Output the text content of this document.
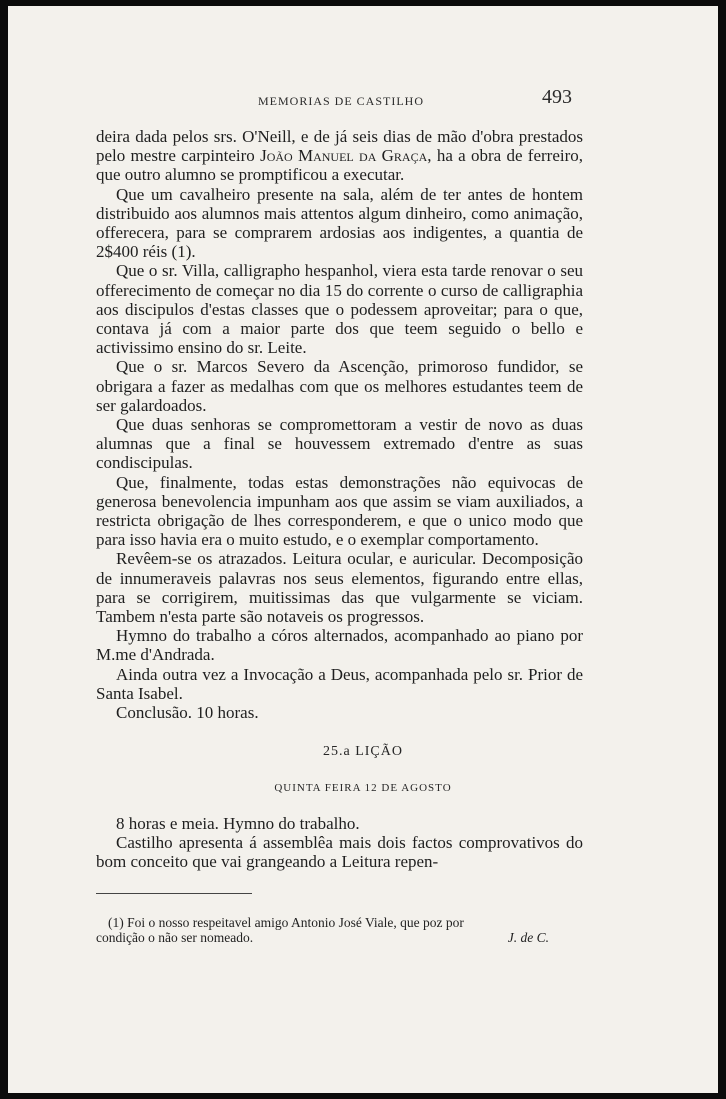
MEMORIAS DE CASTILHO	493

deira dada pelos srs. O'Neill, e de já seis dias de mão d'obra prestados pelo mestre carpinteiro João Manuel da Graça, ha a obra de ferreiro, que outro alumno se promptificou a executar.

Que um cavalheiro presente na sala, além de ter antes de hontem distribuido aos alumnos mais attentos algum dinheiro, como animação, offerecera, para se comprarem ardosias aos indigentes, a quantia de 2$400 réis (1).

Que o sr. Villa, calligrapho hespanhol, viera esta tarde renovar o seu offerecimento de começar no dia 15 do corrente o curso de calligraphia aos discipulos d'estas classes que o podessem aproveitar; para o que, contava já com a maior parte dos que teem seguido o bello e activissimo ensino do sr. Leite.

Que o sr. Marcos Severo da Ascenção, primoroso fundidor, se obrigara a fazer as medalhas com que os melhores estudantes teem de ser galardoados.

Que duas senhoras se compromettoram a vestir de novo as duas alumnas que a final se houvessem extremado d'entre as suas condiscipulas.

Que, finalmente, todas estas demonstrações não equivocas de generosa benevolencia impunham aos que assim se viam auxiliados, a restricta obrigação de lhes corresponderem, e que o unico modo que para isso havia era o muito estudo, e o exemplar comportamento.

Revêem-se os atrazados. Leitura ocular, e auricular. Decomposição de innumeraveis palavras nos seus elementos, figurando entre ellas, para se corrigirem, muitissimas das que vulgarmente se viciam. Tambem n'esta parte são notaveis os progressos.

Hymno do trabalho a córos alternados, acompanhado ao piano por M.me d'Andrada.

Ainda outra vez a Invocação a Deus, acompanhada pelo sr. Prior de Santa Isabel.

Conclusão. 10 horas.

25.a LIÇÃO
QUINTA FEIRA 12 DE AGOSTO

8 horas e meia. Hymno do trabalho.

Castilho apresenta á assemblêa mais dois factos comprovativos do bom conceito que vai grangeando a Leitura repen-

(1) Foi o nosso respeitavel amigo Antonio José Viale, que poz por

condição o não ser nomeado.	J. de C.
